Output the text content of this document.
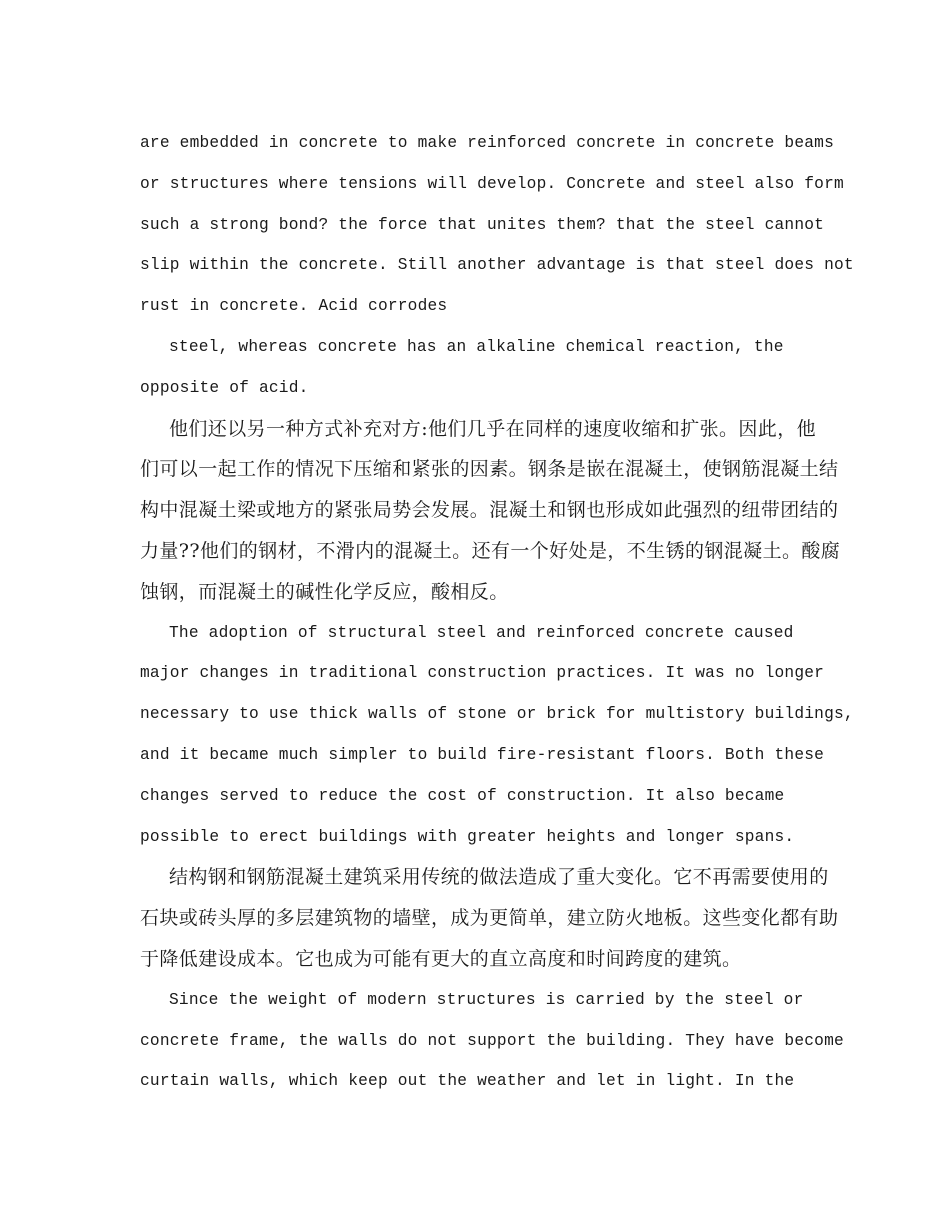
are embedded in concrete to make reinforced concrete in concrete beams
or structures where tensions will develop. Concrete and steel also form
such a strong bond? the force that unites them? that the steel cannot
slip within the concrete. Still another advantage is that steel does not
rust in concrete. Acid corrodes
steel, whereas concrete has an alkaline chemical reaction, the
opposite of acid.
他们还以另一种方式补充对方:他们几乎在同样的速度收缩和扩张。因此，他
们可以一起工作的情况下压缩和紧张的因素。钢条是嵌在混凝土，使钢筋混凝土结
构中混凝土梁或地方的紧张局势会发展。混凝土和钢也形成如此强烈的纽带团结的
力量??他们的钢材，不滑内的混凝土。还有一个好处是，不生锈的钢混凝土。酸腐
蚀钢，而混凝土的碱性化学反应，酸相反。
The adoption of structural steel and reinforced concrete caused
major changes in traditional construction practices. It was no longer
necessary to use thick walls of stone or brick for multistory buildings,
and it became much simpler to build fire-resistant floors. Both these
changes served to reduce the cost of construction. It also became
possible to erect buildings with greater heights and longer spans.
结构钢和钢筋混凝土建筑采用传统的做法造成了重大变化。它不再需要使用的
石块或砖头厚的多层建筑物的墙壁，成为更简单，建立防火地板。这些变化都有助
于降低建设成本。它也成为可能有更大的直立高度和时间跨度的建筑。
Since the weight of modern structures is carried by the steel or
concrete frame, the walls do not support the building. They have become
curtain walls, which keep out the weather and let in light. In the
